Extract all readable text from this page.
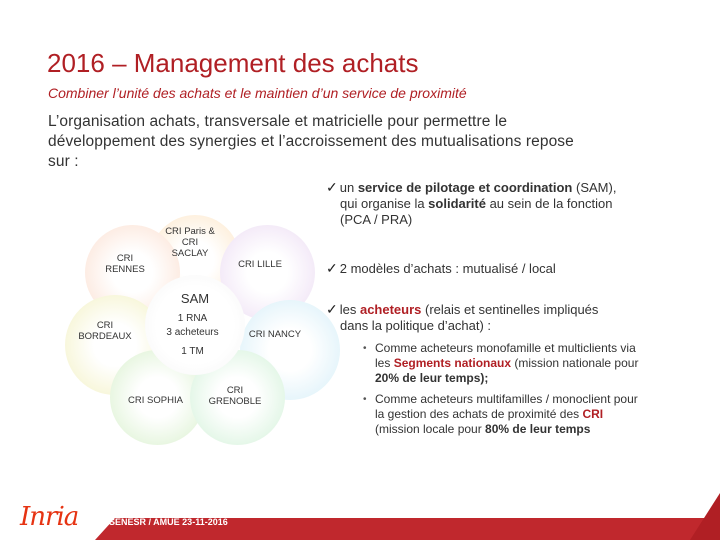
2016 – Management des achats
Combiner l’unité des achats et le maintien d’un service de proximité
L’organisation achats, transversale et matricielle pour permettre le
développement des synergies et l’accroissement des mutualisations repose
sur :
CRI Paris &
CRI
SACLAY
CRI
RENNES	CRI LILLE
CRI
BORDEAUX	CRI NANCY
CRI SOPHIA
CRI
GRENOBLE
SAM
1 RNA
3 acheteurs
1 TM
✓ un service de pilotage et coordination (SAM),
qui organise la solidarité au sein de la fonction
(PCA / PRA)
✓ 2 modèles d’achats : mutualisé / local
✓ les acheteurs (relais et sentinelles impliqués
dans la politique d’achat) :
• Comme acheteurs monofamille et multiclients via
les Segments nationaux (mission nationale pour
20% de leur temps);
• Comme acheteurs multifamilles / monoclient pour
la gestion des achats de proximité des CRI
(mission locale pour 80% de leur temps
Inria	ESENESR / AMUE 23-11-2016
